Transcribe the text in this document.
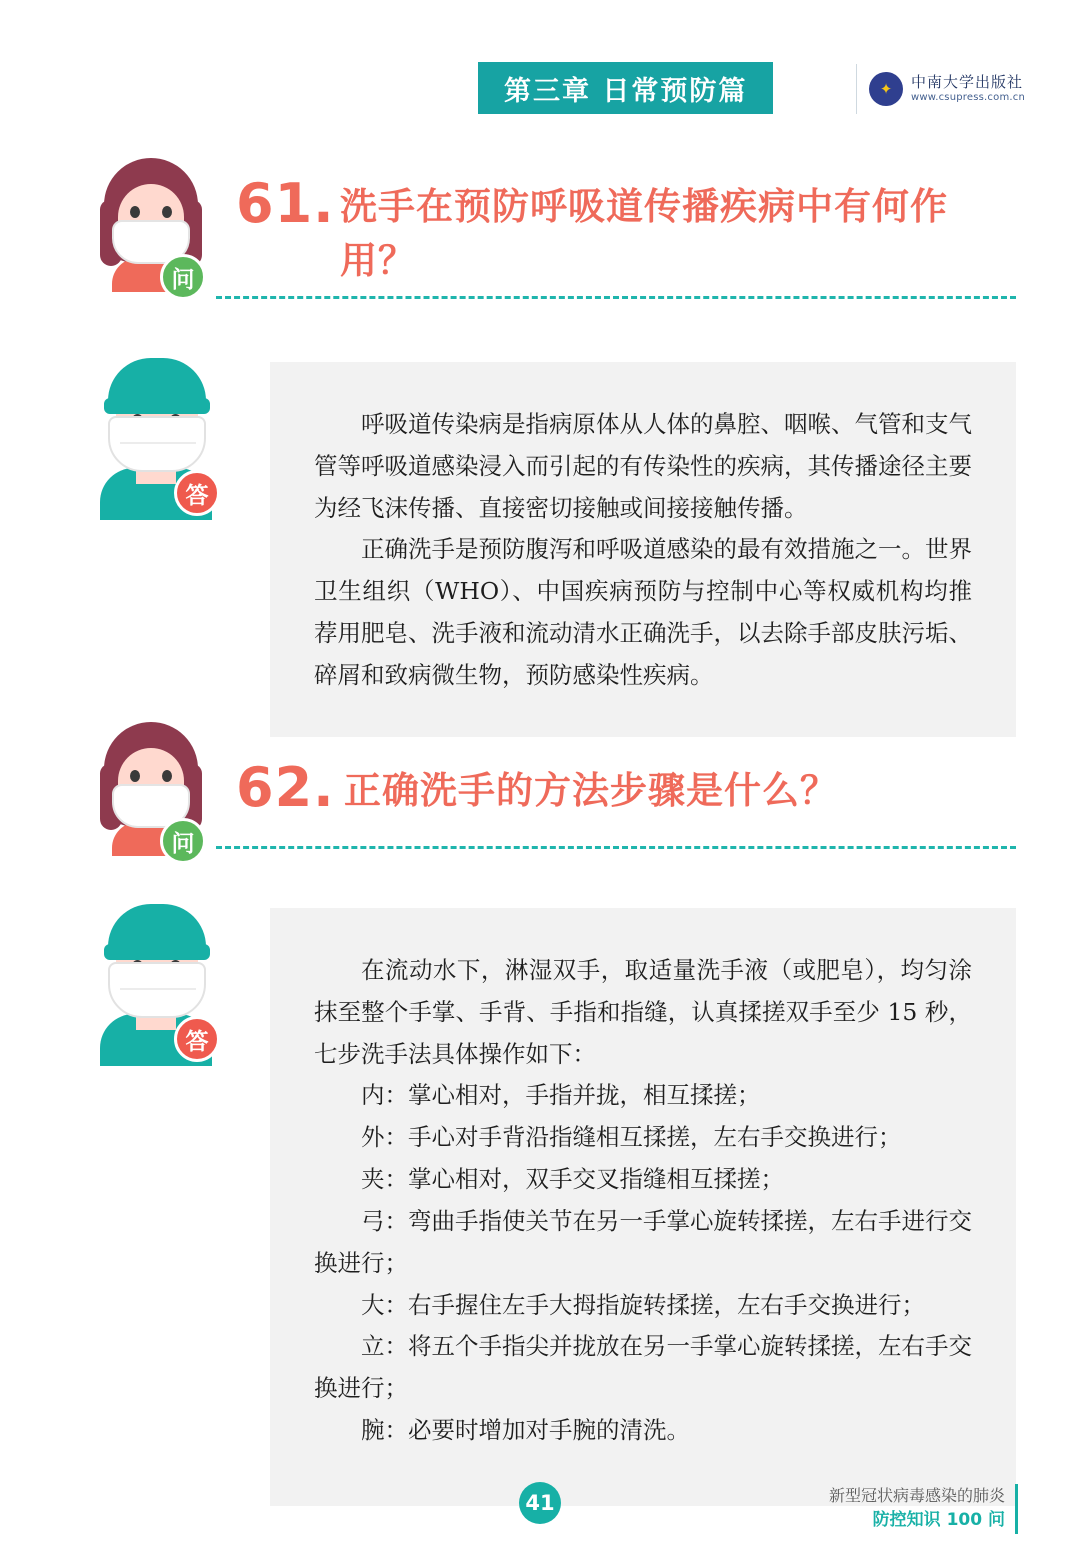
第三章 日常预防篇	✦	中南大学出版社
www.csupress.com.cn
问
61. 洗手在预防呼吸道传播疾病中有何作用？
答

呼吸道传染病是指病原体从人体的鼻腔、咽喉、气管和支气管等呼吸道感染浸入而引起的有传染性的疾病，其传播途径主要为经飞沫传播、直接密切接触或间接接触传播。

正确洗手是预防腹泻和呼吸道感染的最有效措施之一。世界卫生组织（WHO）、中国疾病预防与控制中心等权威机构均推荐用肥皂、洗手液和流动清水正确洗手，以去除手部皮肤污垢、碎屑和致病微生物，预防感染性疾病。

问
62. 正确洗手的方法步骤是什么？
答

在流动水下，淋湿双手，取适量洗手液（或肥皂），均匀涂抹至整个手掌、手背、手指和指缝，认真揉搓双手至少 15 秒，七步洗手法具体操作如下：

内：掌心相对，手指并拢，相互揉搓；

外：手心对手背沿指缝相互揉搓，左右手交换进行；

夹：掌心相对，双手交叉指缝相互揉搓；

弓：弯曲手指使关节在另一手掌心旋转揉搓，左右手进行交换进行；

大：右手握住左手大拇指旋转揉搓，左右手交换进行；

立：将五个手指尖并拢放在另一手掌心旋转揉搓，左右手交换进行；

腕：必要时增加对手腕的清洗。

41	新型冠状病毒感染的肺炎
防控知识 100 问
